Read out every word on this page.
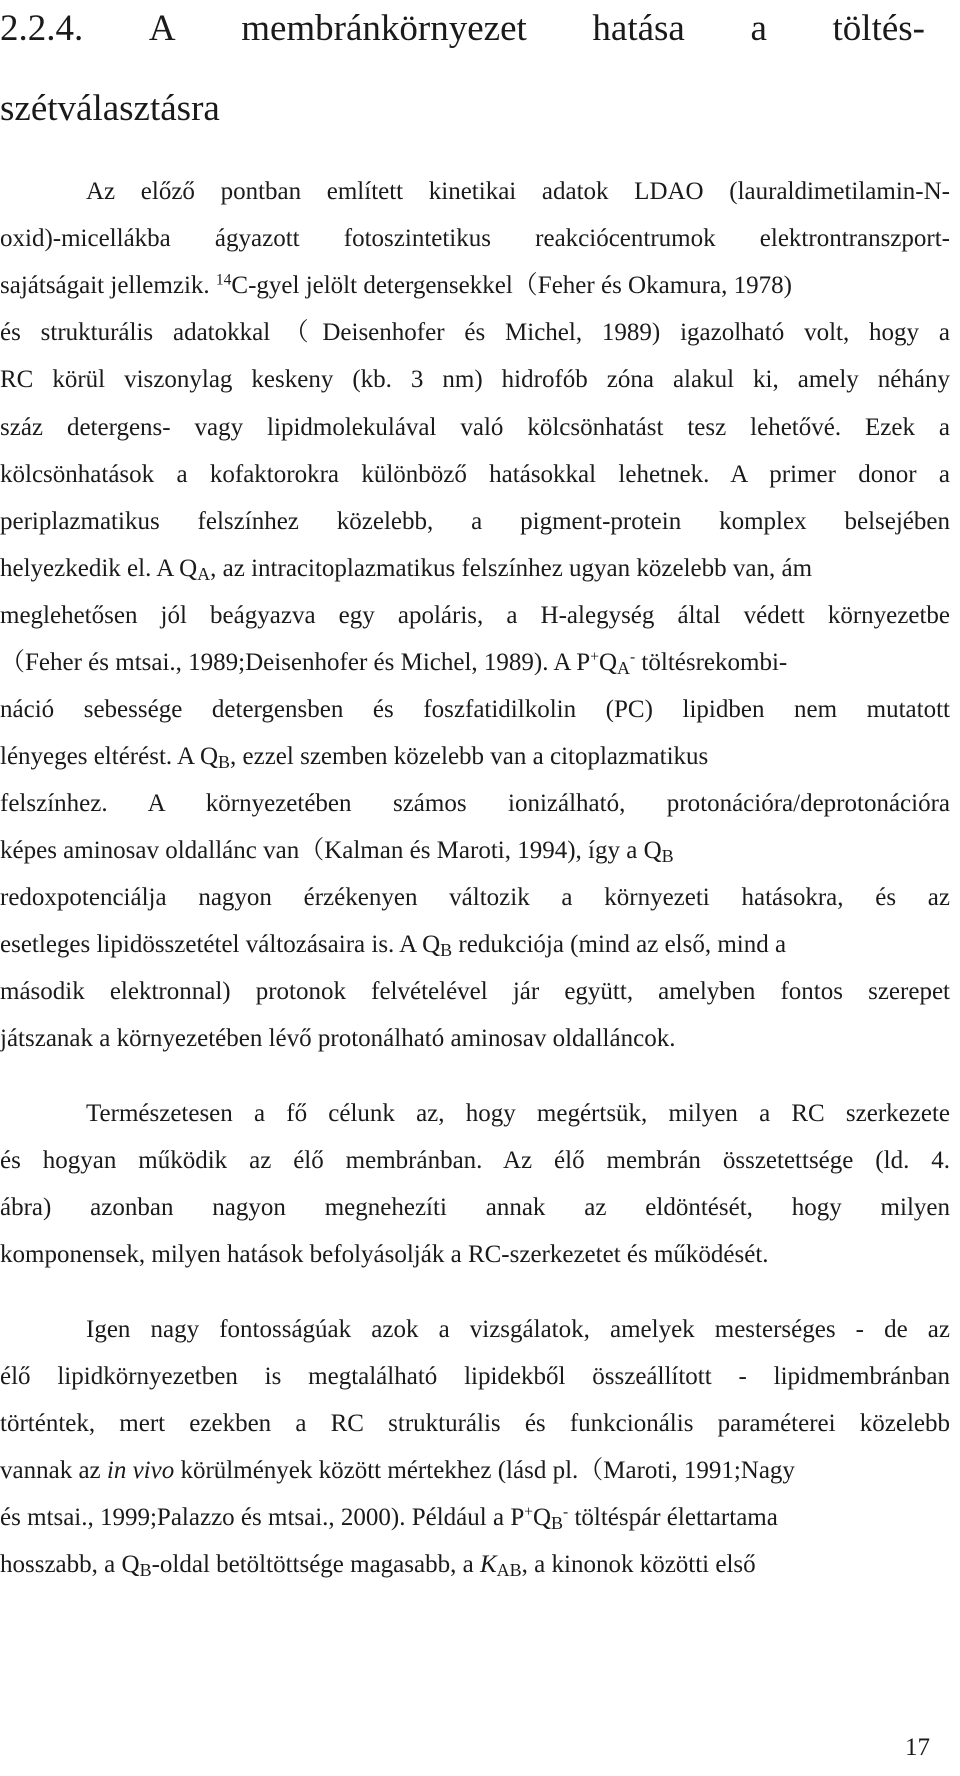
2.2.4. A membránkörnyezet hatása a töltés-
szétválasztásra
Az előző pontban említett kinetikai adatok LDAO (lauraldimetilamin-N-
oxid)-micellákba ágyazott fotoszintetikus reakciócentrumok elektrontranszport-
sajátságait jellemzik. $^{14}$C-gyel jelölt detergensekkel（Feher és Okamura, 1978)
és strukturális adatokkal（Deisenhofer és Michel, 1989) igazolható volt, hogy a
RC körül viszonylag keskeny (kb. 3 nm) hidrofób zóna alakul ki, amely néhány
száz detergens- vagy lipidmolekulával való kölcsönhatást tesz lehetővé. Ezek a
kölcsönhatások a kofaktorokra különböző hatásokkal lehetnek. A primer donor a
periplazmatikus felszínhez közelebb, a pigment-protein komplex belsejében
helyezkedik el. A $Q_A$, az intracitoplazmatikus felszínhez ugyan közelebb van, ám
meglehetősen jól beágyazva egy apoláris, a H-alegység által védett környezetbe
（Feher és mtsai., 1989;Deisenhofer és Michel, 1989). A $P^+Q_A^-$ töltésrekombi-
náció sebessége detergensben és foszfatidilkolin (PC) lipidben nem mutatott
lényeges eltérést. A $Q_B$, ezzel szemben közelebb van a citoplazmatikus
felszínhez. A környezetében számos ionizálható, protonációra/deprotonációra
képes aminosav oldallánc van（Kalman és Maroti, 1994), így a $Q_B$
redoxpotenciálja nagyon érzékenyen változik a környezeti hatásokra, és az
esetleges lipidösszetétel változásaira is. A $Q_B$ redukciója (mind az első, mind a
második elektronnal) protonok felvételével jár együtt, amelyben fontos szerepet
játszanak a környezetében lévő protonálható aminosav oldalláncok.
Természetesen a fő célunk az, hogy megértsük, milyen a RC szerkezete
és hogyan működik az élő membránban. Az élő membrán összetettsége (ld. 4.
ábra) azonban nagyon megnehezíti annak az eldöntését, hogy milyen
komponensek, milyen hatások befolyásolják a RC-szerkezetet és működését.
Igen nagy fontosságúak azok a vizsgálatok, amelyek mesterséges - de az
élő lipidkörnyezetben is megtalálható lipidekből összeállított - lipidmembránban
történtek, mert ezekben a RC strukturális és funkcionális paraméterei közelebb
vannak az in vivo körülmények között mértekhez (lásd pl.（Maroti, 1991;Nagy
és mtsai., 1999;Palazzo és mtsai., 2000). Például a $P^+Q_B^-$ töltéspár élettartama
hosszabb, a $Q_B$-oldal betöltöttsége magasabb, a $K_{AB}$, a kinonok közötti első
17
